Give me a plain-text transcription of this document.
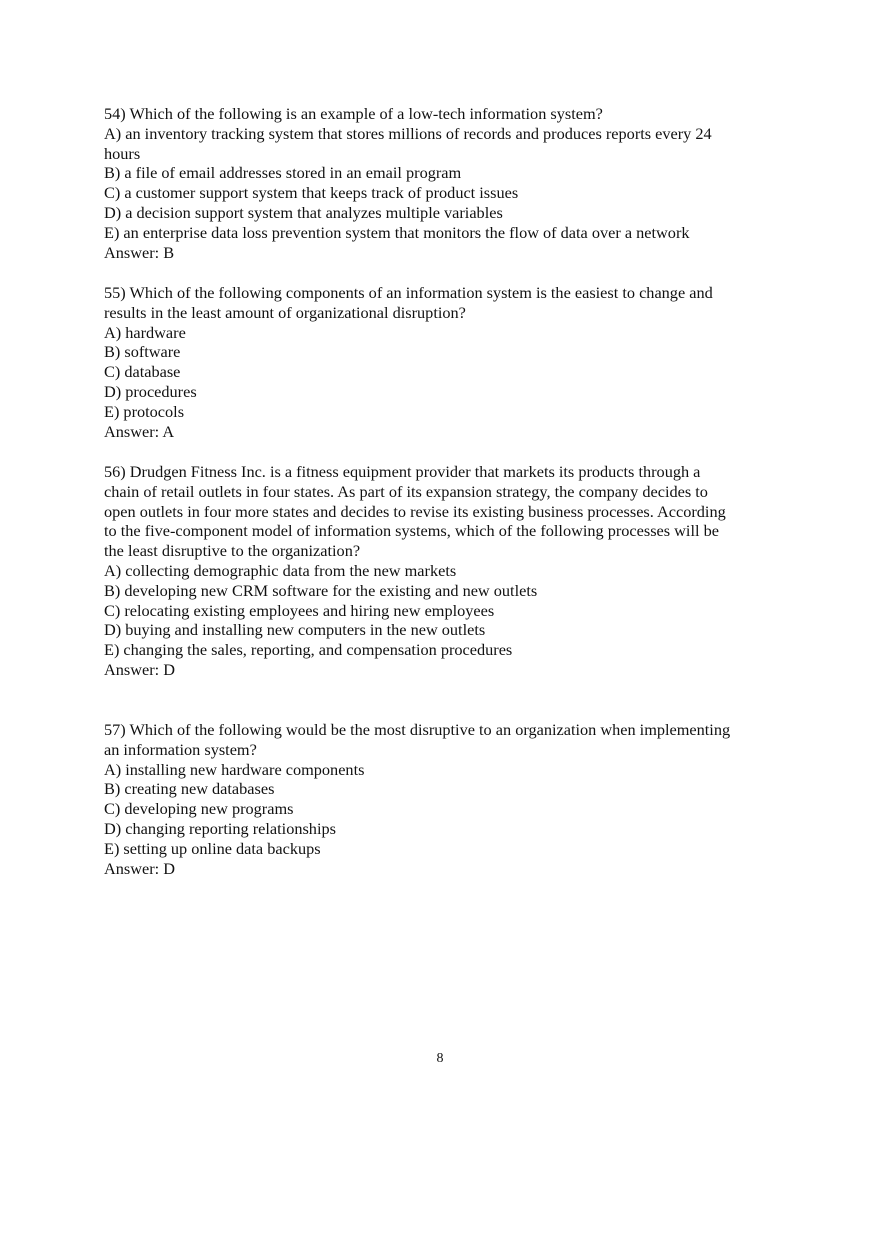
54) Which of the following is an example of a low-tech information system?
A) an inventory tracking system that stores millions of records and produces reports every 24
hours
B) a file of email addresses stored in an email program
C) a customer support system that keeps track of product issues
D) a decision support system that analyzes multiple variables
E) an enterprise data loss prevention system that monitors the flow of data over a network
Answer: B
55) Which of the following components of an information system is the easiest to change and
results in the least amount of organizational disruption?
A) hardware
B) software
C) database
D) procedures
E) protocols
Answer: A
56) Drudgen Fitness Inc. is a fitness equipment provider that markets its products through a
chain of retail outlets in four states. As part of its expansion strategy, the company decides to
open outlets in four more states and decides to revise its existing business processes. According
to the five-component model of information systems, which of the following processes will be
the least disruptive to the organization?
A) collecting demographic data from the new markets
B) developing new CRM software for the existing and new outlets
C) relocating existing employees and hiring new employees
D) buying and installing new computers in the new outlets
E) changing the sales, reporting, and compensation procedures
Answer: D
57) Which of the following would be the most disruptive to an organization when implementing
an information system?
A) installing new hardware components
B) creating new databases
C) developing new programs
D) changing reporting relationships
E) setting up online data backups
Answer: D
8
